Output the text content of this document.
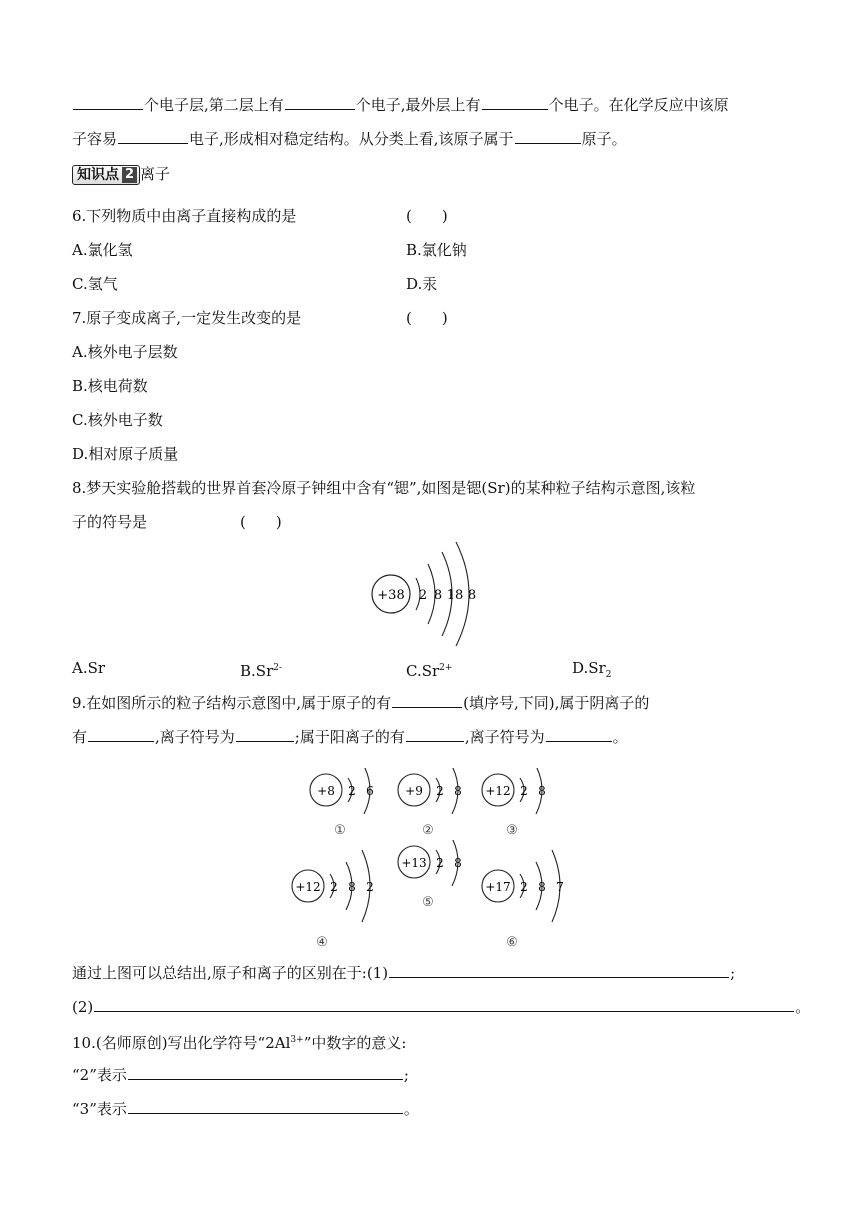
个电子层,第二层上有	个电子,最外层上有	个电子。在化学反应中该原
子容易	电子,形成相对稳定结构。从分类上看,该原子属于	原子。
知识点 2 离子
6.下列物质中由离子直接构成的是	(　　)
A.氯化氢	B.氯化钠
C.氢气	D.汞
7.原子变成离子,一定发生改变的是	(　　)
A.核外电子层数
B.核电荷数
C.核外电子数
D.相对原子质量
8.梦天实验舱搭载的世界首套冷原子钟组中含有“锶”,如图是锶(Sr)的某种粒子结构示意图,该粒
子的符号是	(　　)
+38 2 8 18 8
A.Sr	$B.Sr^{2-}$	$C.Sr^{2+}$	$D.Sr_2$
9.在如图所示的粒子结构示意图中,属于原子的有	(填序号,下同),属于阴离子的
有	,离子符号为	;属于阳离子的有	,离子符号为	。
+8 2 6
①
+9 2 8
②
+12 2 8
③
+12 2 8 2
④
+13 2 8
⑤
+17 2 8 7
⑥
通过上图可以总结出,原子和离子的区别在于:(1)	;
(2)	。
10.(名师原创)写出化学符号“$2Al^{3+}$”中数字的意义:
“2”表示	;
“3”表示	。
